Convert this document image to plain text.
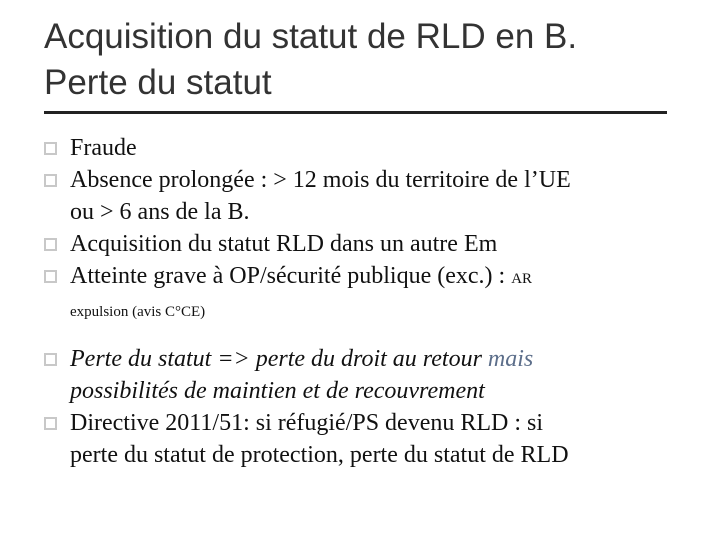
Acquisition du statut de RLD en B.
Perte du statut
Fraude
Absence prolongée : > 12 mois du territoire de l’UE
ou > 6 ans de la B.
Acquisition du statut RLD dans un autre Em
Atteinte grave à OP/sécurité publique (exc.) : AR
expulsion (avis C°CE)
Perte du statut => perte du droit au retour mais
possibilités de maintien et de recouvrement
Directive 2011/51: si réfugié/PS devenu RLD : si
perte du statut de protection, perte du statut de RLD
